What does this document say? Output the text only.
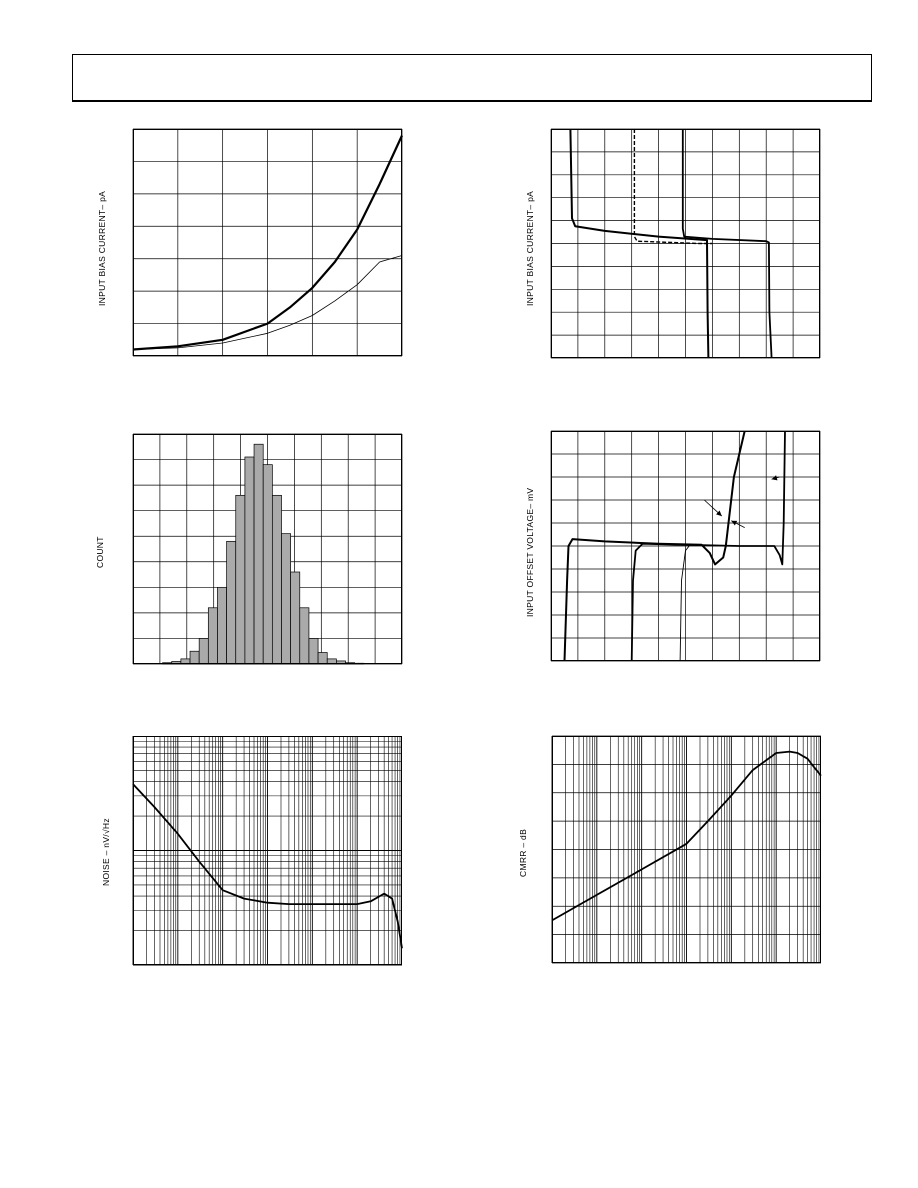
INPUT BIAS CURRENT– pA	INPUT BIAS CURRENT– pA
COUNT	INPUT OFFSET VOLTAGE– mV
NOISE – nV/√Hz	CMRR – dB
